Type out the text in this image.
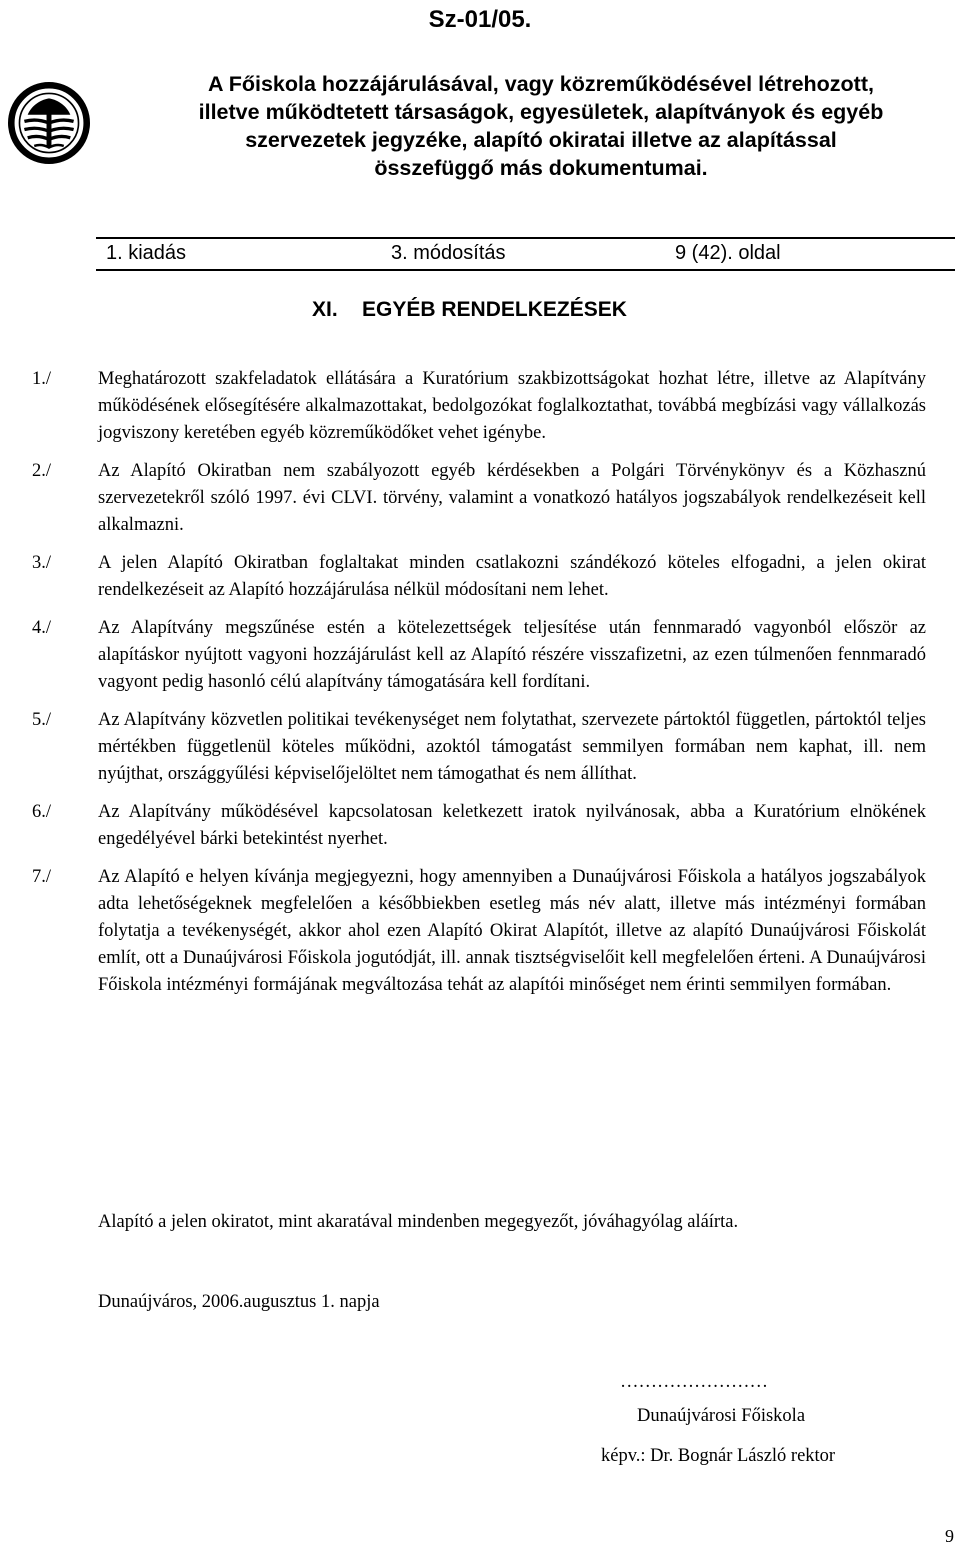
Sz-01/05.
A Főiskola hozzájárulásával, vagy közreműködésével létrehozott,
illetve működtetett társaságok, egyesületek, alapítványok és egyéb
szervezetek jegyzéke, alapító okiratai illetve az alapítással
összefüggő más dokumentumai.
1. kiadás	3. módosítás	9 (42). oldal
XI. EGYÉB RENDELKEZÉSEK
1./	Meghatározott szakfeladatok ellátására a Kuratórium szakbizottságokat hozhat létre, illetve az Alapítvány működésének elősegítésére alkalmazottakat, bedolgozókat foglalkoztathat, továbbá megbízási vagy vállalkozás jogviszony keretében egyéb közreműködőket vehet igénybe.
2./	Az Alapító Okiratban nem szabályozott egyéb kérdésekben a Polgári Törvénykönyv és a Közhasznú szervezetekről szóló 1997. évi CLVI. törvény, valamint a vonatkozó hatályos jogszabályok rendelkezéseit kell alkalmazni.
3./	A jelen Alapító Okiratban foglaltakat minden csatlakozni szándékozó köteles elfogadni, a jelen okirat rendelkezéseit az Alapító hozzájárulása nélkül módosítani nem lehet.
4./	Az Alapítvány megszűnése estén a kötelezettségek teljesítése után fennmaradó vagyonból először az alapításkor nyújtott vagyoni hozzájárulást kell az Alapító részére visszafizetni, az ezen túlmenően fennmaradó vagyont pedig hasonló célú alapítvány támogatására kell fordítani.
5./	Az Alapítvány közvetlen politikai tevékenységet nem folytathat, szervezete pártoktól független, pártoktól teljes mértékben függetlenül köteles működni, azoktól támogatást semmilyen formában nem kaphat, ill. nem nyújthat, országgyűlési képviselőjelöltet nem támogathat és nem állíthat.
6./	Az Alapítvány működésével kapcsolatosan keletkezett iratok nyilvánosak, abba a Kuratórium elnökének engedélyével bárki betekintést nyerhet.
7./	Az Alapító e helyen kívánja megjegyezni, hogy amennyiben a Dunaújvárosi Főiskola a hatályos jogszabályok adta lehetőségeknek megfelelően a későbbiekben esetleg más név alatt, illetve más intézményi formában folytatja a tevékenységét, akkor ahol ezen Alapító Okirat Alapítót, illetve az alapító Dunaújvárosi Főiskolát említ, ott a Dunaújvárosi Főiskola jogutódját, ill. annak tisztségviselőit kell megfelelően érteni. A Dunaújvárosi Főiskola intézményi formájának megváltozása tehát az alapítói minőséget nem érinti semmilyen formában.
Alapító a jelen okiratot, mint akaratával mindenben megegyezőt, jóváhagyólag aláírta.
Dunaújváros, 2006.augusztus 1. napja
……………………
Dunaújvárosi Főiskola
képv.: Dr. Bognár László rektor
9
